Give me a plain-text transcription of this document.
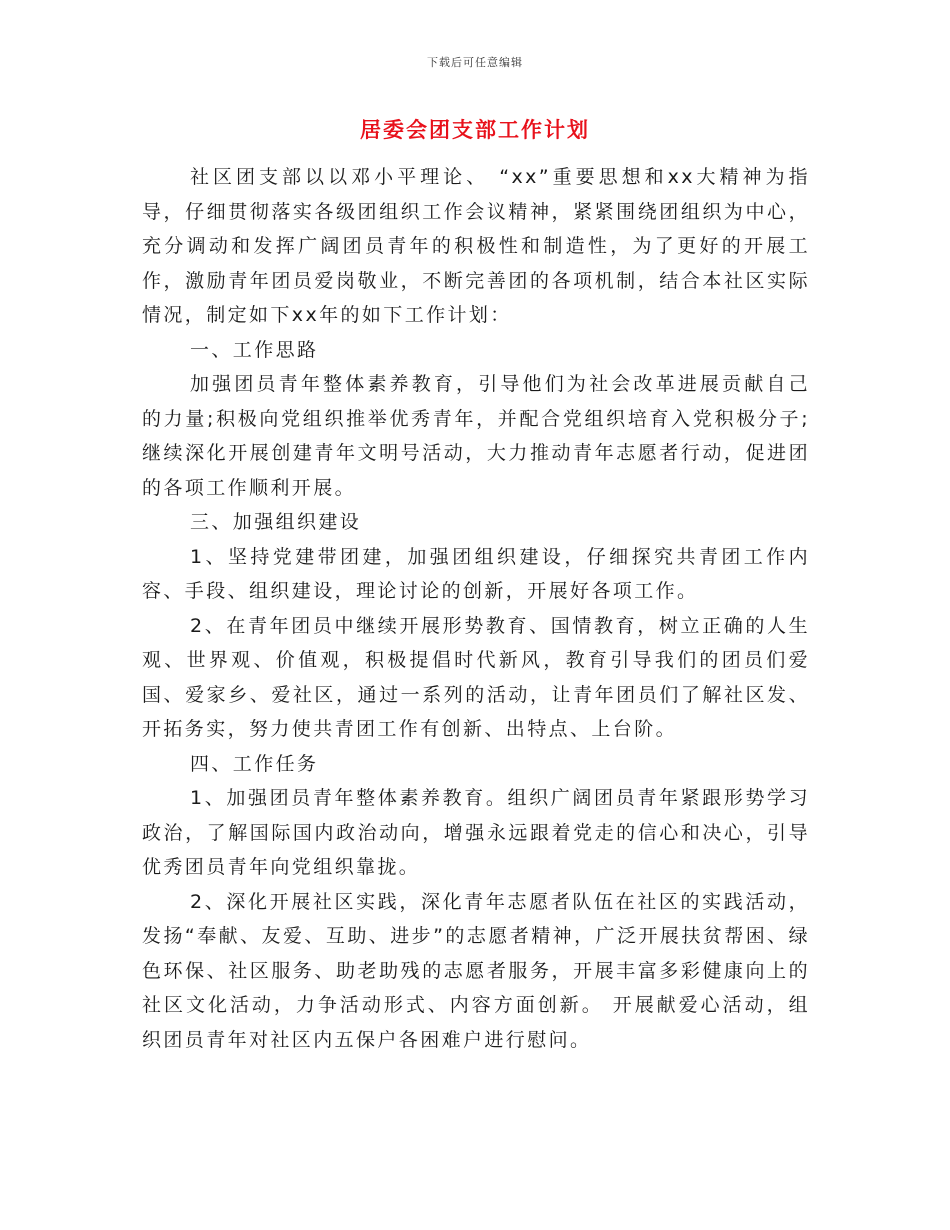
下载后可任意编辑
居委会团支部工作计划

社区团支部以以邓小平理论、 “xx”重要思想和xx大精神为指导，仔细贯彻落实各级团组织工作会议精神，紧紧围绕团组织为中心，充分调动和发挥广阔团员青年的积极性和制造性，为了更好的开展工作，激励青年团员爱岗敬业，不断完善团的各项机制，结合本社区实际情况，制定如下xx年的如下工作计划：

一、工作思路

加强团员青年整体素养教育，引导他们为社会改革进展贡献自己的力量;积极向党组织推举优秀青年，并配合党组织培育入党积极分子;继续深化开展创建青年文明号活动，大力推动青年志愿者行动，促进团的各项工作顺利开展。

三、加强组织建设

1、坚持党建带团建，加强团组织建设，仔细探究共青团工作内容、手段、组织建设，理论讨论的创新，开展好各项工作。

2、在青年团员中继续开展形势教育、国情教育，树立正确的人生观、世界观、价值观，积极提倡时代新风，教育引导我们的团员们爱国、爱家乡、爱社区，通过一系列的活动，让青年团员们了解社区发、开拓务实，努力使共青团工作有创新、出特点、上台阶。

四、工作任务

1、加强团员青年整体素养教育。组织广阔团员青年紧跟形势学习政治，了解国际国内政治动向，增强永远跟着党走的信心和决心，引导优秀团员青年向党组织靠拢。

2、深化开展社区实践，深化青年志愿者队伍在社区的实践活动，发扬“奉献、友爱、互助、进步”的志愿者精神，广泛开展扶贫帮困、绿色环保、社区服务、助老助残的志愿者服务，开展丰富多彩健康向上的社区文化活动，力争活动形式、内容方面创新。 开展献爱心活动，组织团员青年对社区内五保户各困难户进行慰问。
